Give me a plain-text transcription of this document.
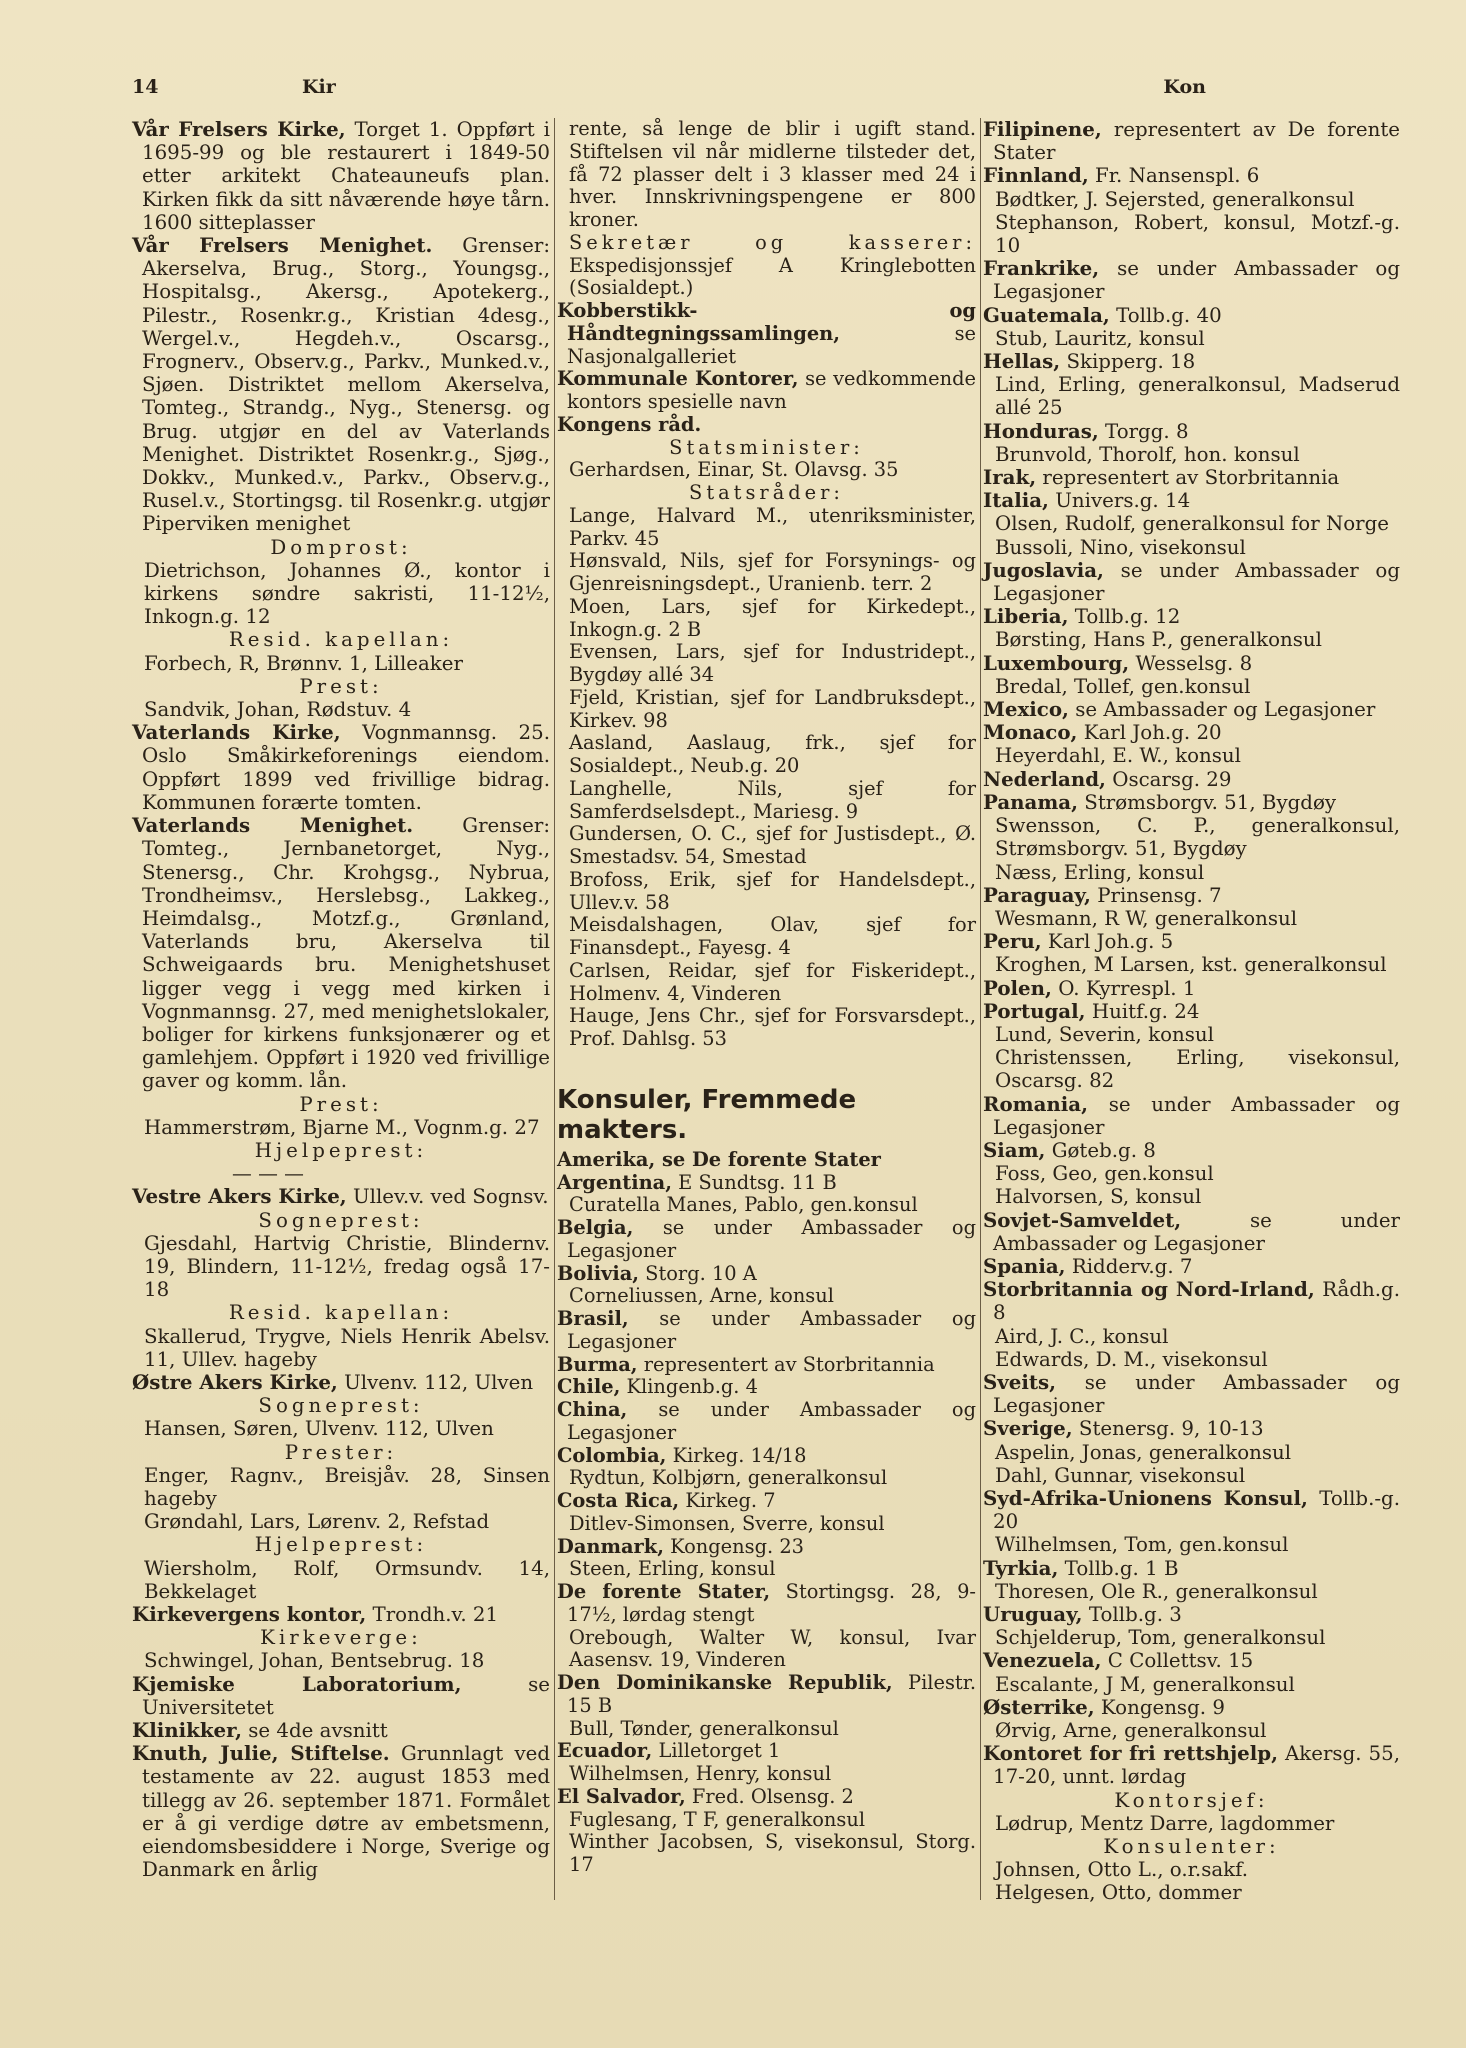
14	Kir	Kon
Vår Frelsers Kirke, Torget 1. Oppført i 1695-99 og ble restaurert i 1849-50 etter arkitekt Chateauneufs plan. Kirken fikk da sitt nåværende høye tårn. 1600 sitteplasser
Vår Frelsers Menighet. Grenser: Akerselva, Brug., Storg., Youngsg., Hospitalsg., Akersg., Apotekerg., Pilestr., Rosenkr.g., Kristian 4desg., Wergel.v., Hegdeh.v., Oscarsg., Frognerv., Observ.g., Parkv., Munked.v., Sjøen. Distriktet mellom Akerselva, Tomteg., Strandg., Nyg., Stenersg. og Brug. utgjør en del av Vaterlands Menighet. Distriktet Rosenkr.g., Sjøg., Dokkv., Munked.v., Parkv., Observ.g., Rusel.v., Stortingsg. til Rosenkr.g. utgjør Piperviken menighet
Domprost:
Dietrichson, Johannes Ø., kontor i kirkens søndre sakristi, 11-12½, Inkogn.g. 12
Resid. kapellan:
Forbech, R, Brønnv. 1, Lilleaker
Prest:
Sandvik, Johan, Rødstuv. 4
Vaterlands Kirke, Vognmannsg. 25. Oslo Småkirkeforenings eiendom. Oppført 1899 ved frivillige bidrag. Kommunen forærte tomten.
Vaterlands Menighet. Grenser: Tomteg., Jernbanetorget, Nyg., Stenersg., Chr. Krohgsg., Nybrua, Trondheimsv., Herslebsg., Lakkeg., Heimdalsg., Motzf.g., Grønland, Vaterlands bru, Akerselva til Schweigaards bru. Menighetshuset ligger vegg i vegg med kirken i Vognmannsg. 27, med menighetslokaler, boliger for kirkens funksjonærer og et gamlehjem. Oppført i 1920 ved frivillige gaver og komm. lån.
Prest:
Hammerstrøm, Bjarne M., Vognm.g. 27
Hjelpeprest:
— — —
Vestre Akers Kirke, Ullev.v. ved Sognsv.
Sogneprest:
Gjesdahl, Hartvig Christie, Blindernv. 19, Blindern, 11-12½, fredag også 17-18
Resid. kapellan:
Skallerud, Trygve, Niels Henrik Abelsv. 11, Ullev. hageby
Østre Akers Kirke, Ulvenv. 112, Ulven
Sogneprest:
Hansen, Søren, Ulvenv. 112, Ulven
Prester:
Enger, Ragnv., Breisjåv. 28, Sinsen hageby
Grøndahl, Lars, Lørenv. 2, Refstad
Hjelpeprest:
Wiersholm, Rolf, Ormsundv. 14, Bekkelaget
Kirkevergens kontor, Trondh.v. 21
Kirkeverge:
Schwingel, Johan, Bentsebrug. 18
Kjemiske Laboratorium, se Universitetet
Klinikker, se 4de avsnitt
Knuth, Julie, Stiftelse. Grunnlagt ved testamente av 22. august 1853 med tillegg av 26. september 1871. Formålet er å gi verdige døtre av embetsmenn, eiendomsbesiddere i Norge, Sverige og Danmark en årlig
rente, så lenge de blir i ugift stand. Stiftelsen vil når midlerne tilsteder det, få 72 plasser delt i 3 klasser med 24 i hver. Innskrivningspengene er 800 kroner.
Sekretær og kasserer: Ekspedisjonssjef A Kringlebotten (Sosialdept.)
Kobberstikk- og Håndtegningssamlingen, se Nasjonalgalleriet
Kommunale Kontorer, se vedkommende kontors spesielle navn
Kongens råd.
Statsminister:
Gerhardsen, Einar, St. Olavsg. 35
Statsråder:
Lange, Halvard M., utenriksminister, Parkv. 45
Hønsvald, Nils, sjef for Forsynings- og Gjenreisningsdept., Uranienb. terr. 2
Moen, Lars, sjef for Kirkedept., Inkogn.g. 2 B
Evensen, Lars, sjef for Industridept., Bygdøy allé 34
Fjeld, Kristian, sjef for Landbruksdept., Kirkev. 98
Aasland, Aaslaug, frk., sjef for Sosialdept., Neub.g. 20
Langhelle, Nils, sjef for Samferdselsdept., Mariesg. 9
Gundersen, O. C., sjef for Justisdept., Ø. Smestadsv. 54, Smestad
Brofoss, Erik, sjef for Handelsdept., Ullev.v. 58
Meisdalshagen, Olav, sjef for Finansdept., Fayesg. 4
Carlsen, Reidar, sjef for Fiskeridept., Holmenv. 4, Vinderen
Hauge, Jens Chr., sjef for Forsvarsdept., Prof. Dahlsg. 53
Konsuler, Fremmede makters.
Amerika, se De forente Stater
Argentina, E Sundtsg. 11 B
Curatella Manes, Pablo, gen.konsul
Belgia, se under Ambassader og Legasjoner
Bolivia, Storg. 10 A
Corneliussen, Arne, konsul
Brasil, se under Ambassader og Legasjoner
Burma, representert av Storbritannia
Chile, Klingenb.g. 4
China, se under Ambassader og Legasjoner
Colombia, Kirkeg. 14/18
Rydtun, Kolbjørn, generalkonsul
Costa Rica, Kirkeg. 7
Ditlev-Simonsen, Sverre, konsul
Danmark, Kongensg. 23
Steen, Erling, konsul
De forente Stater, Stortingsg. 28, 9-17½, lørdag stengt
Orebough, Walter W, konsul, Ivar Aasensv. 19, Vinderen
Den Dominikanske Republik, Pilestr. 15 B
Bull, Tønder, generalkonsul
Ecuador, Lilletorget 1
Wilhelmsen, Henry, konsul
El Salvador, Fred. Olsensg. 2
Fuglesang, T F, generalkonsul
Winther Jacobsen, S, visekonsul, Storg. 17
Filipinene, representert av De forente Stater
Finnland, Fr. Nansenspl. 6
Bødtker, J. Sejersted, generalkonsul
Stephanson, Robert, konsul, Motzf.-g. 10
Frankrike, se under Ambassader og Legasjoner
Guatemala, Tollb.g. 40
Stub, Lauritz, konsul
Hellas, Skipperg. 18
Lind, Erling, generalkonsul, Madserud allé 25
Honduras, Torgg. 8
Brunvold, Thorolf, hon. konsul
Irak, representert av Storbritannia
Italia, Univers.g. 14
Olsen, Rudolf, generalkonsul for Norge
Bussoli, Nino, visekonsul
Jugoslavia, se under Ambassader og Legasjoner
Liberia, Tollb.g. 12
Børsting, Hans P., generalkonsul
Luxembourg, Wesselsg. 8
Bredal, Tollef, gen.konsul
Mexico, se Ambassader og Legasjoner
Monaco, Karl Joh.g. 20
Heyerdahl, E. W., konsul
Nederland, Oscarsg. 29
Panama, Strømsborgv. 51, Bygdøy
Swensson, C. P., generalkonsul, Strømsborgv. 51, Bygdøy
Næss, Erling, konsul
Paraguay, Prinsensg. 7
Wesmann, R W, generalkonsul
Peru, Karl Joh.g. 5
Kroghen, M Larsen, kst. generalkonsul
Polen, O. Kyrrespl. 1
Portugal, Huitf.g. 24
Lund, Severin, konsul
Christenssen, Erling, visekonsul, Oscarsg. 82
Romania, se under Ambassader og Legasjoner
Siam, Gøteb.g. 8
Foss, Geo, gen.konsul
Halvorsen, S, konsul
Sovjet-Samveldet, se under Ambassader og Legasjoner
Spania, Ridderv.g. 7
Storbritannia og Nord-Irland, Rådh.g. 8
Aird, J. C., konsul
Edwards, D. M., visekonsul
Sveits, se under Ambassader og Legasjoner
Sverige, Stenersg. 9, 10-13
Aspelin, Jonas, generalkonsul
Dahl, Gunnar, visekonsul
Syd-Afrika-Unionens Konsul, Tollb.-g. 20
Wilhelmsen, Tom, gen.konsul
Tyrkia, Tollb.g. 1 B
Thoresen, Ole R., generalkonsul
Uruguay, Tollb.g. 3
Schjelderup, Tom, generalkonsul
Venezuela, C Collettsv. 15
Escalante, J M, generalkonsul
Østerrike, Kongensg. 9
Ørvig, Arne, generalkonsul
Kontoret for fri rettshjelp, Akersg. 55, 17-20, unnt. lørdag
Kontorsjef:
Lødrup, Mentz Darre, lagdommer
Konsulenter:
Johnsen, Otto L., o.r.sakf.
Helgesen, Otto, dommer
